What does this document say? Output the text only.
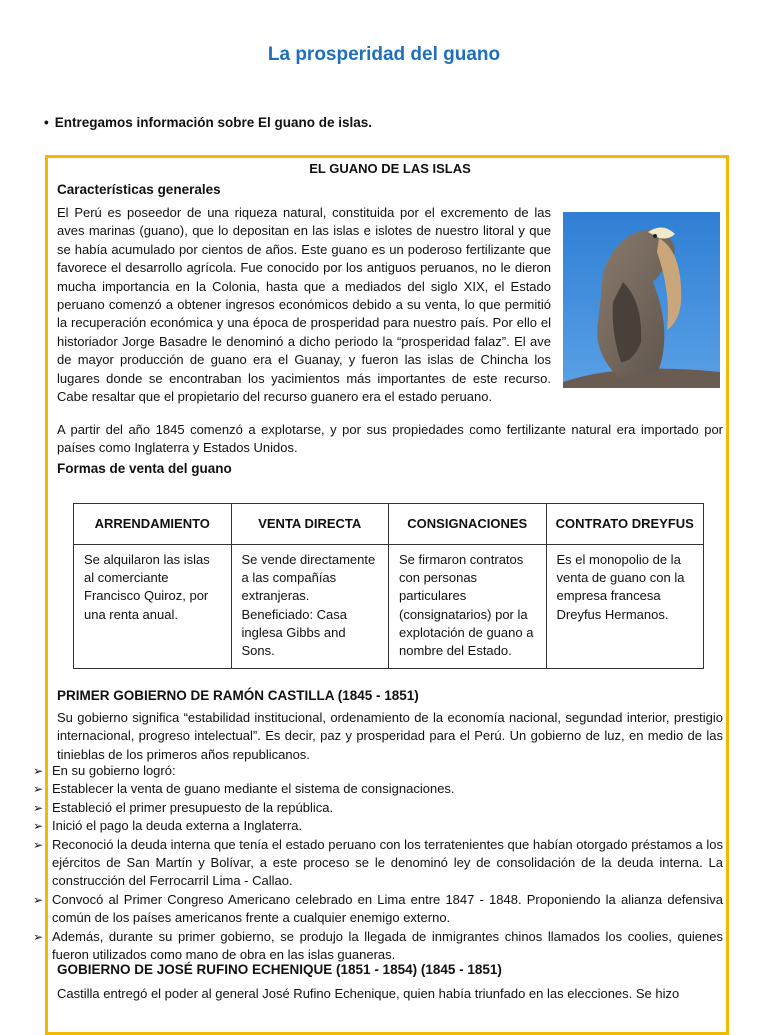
La prosperidad del guano
• Entregamos información sobre El guano de islas.
EL GUANO DE LAS ISLAS
Características generales
El Perú es poseedor de una riqueza natural, constituida por el excremento de las aves marinas (guano), que lo depositan en las islas e islotes de nuestro litoral y que se había acumulado por cientos de años. Este guano es un poderoso fertilizante que favorece el desarrollo agrícola. Fue conocido por los antiguos peruanos, no le dieron mucha importancia en la Colonia, hasta que a mediados del siglo XIX, el Estado peruano comenzó a obtener ingresos económicos debido a su venta, lo que permitió la recuperación económica y una época de prosperidad para nuestro país. Por ello el historiador Jorge Basadre le denominó a dicho periodo la “prosperidad falaz”. El ave de mayor producción de guano era el Guanay, y fueron las islas de Chincha los lugares donde se encontraban los yacimientos más importantes de este recurso. Cabe resaltar que el propietario del recurso guanero era el estado peruano.
A partir del año 1845 comenzó a explotarse, y por sus propiedades como fertilizante natural era importado por países como Inglaterra y Estados Unidos.
Formas de venta del guano
ARRENDAMIENTO	VENTA DIRECTA	CONSIGNACIONES	CONTRATO DREYFUS
Se alquilaron las islas al comerciante Francisco Quiroz, por una renta anual.	Se vende directamente a las compañías extranjeras. Beneficiado: Casa inglesa Gibbs and Sons.	Se firmaron contratos con personas particulares (consignatarios) por la explotación de guano a nombre del Estado.	Es el monopolio de la venta de guano con la empresa francesa Dreyfus Hermanos.
PRIMER GOBIERNO DE RAMÓN CASTILLA (1845 - 1851)
Su gobierno significa “estabilidad institucional, ordenamiento de la economía nacional, segundad interior, prestigio internacional, progreso intelectual”. Es decir, paz y prosperidad para el Perú. Un gobierno de luz, en medio de las tinieblas de los primeros años republicanos.
➢ En su gobierno logró:
➢ Establecer la venta de guano mediante el sistema de consignaciones.
➢ Estableció el primer presupuesto de la república.
➢ Inició el pago la deuda externa a Inglaterra.
➢ Reconoció la deuda interna que tenía el estado peruano con los terratenientes que habían otorgado préstamos a los ejércitos de San Martín y Bolívar, a este proceso se le denominó ley de consolidación de la deuda interna. La construcción del Ferrocarril Lima - Callao.
➢ Convocó al Primer Congreso Americano celebrado en Lima entre 1847 - 1848. Proponiendo la alianza defensiva común de los países americanos frente a cualquier enemigo externo.
➢ Además, durante su primer gobierno, se produjo la llegada de inmigrantes chinos llamados los coolies, quienes fueron utilizados como mano de obra en las islas guaneras.
GOBIERNO DE JOSÉ RUFINO ECHENIQUE (1851 - 1854) (1845 - 1851)
Castilla entregó el poder al general José Rufino Echenique, quien había triunfado en las elecciones. Se hizo
